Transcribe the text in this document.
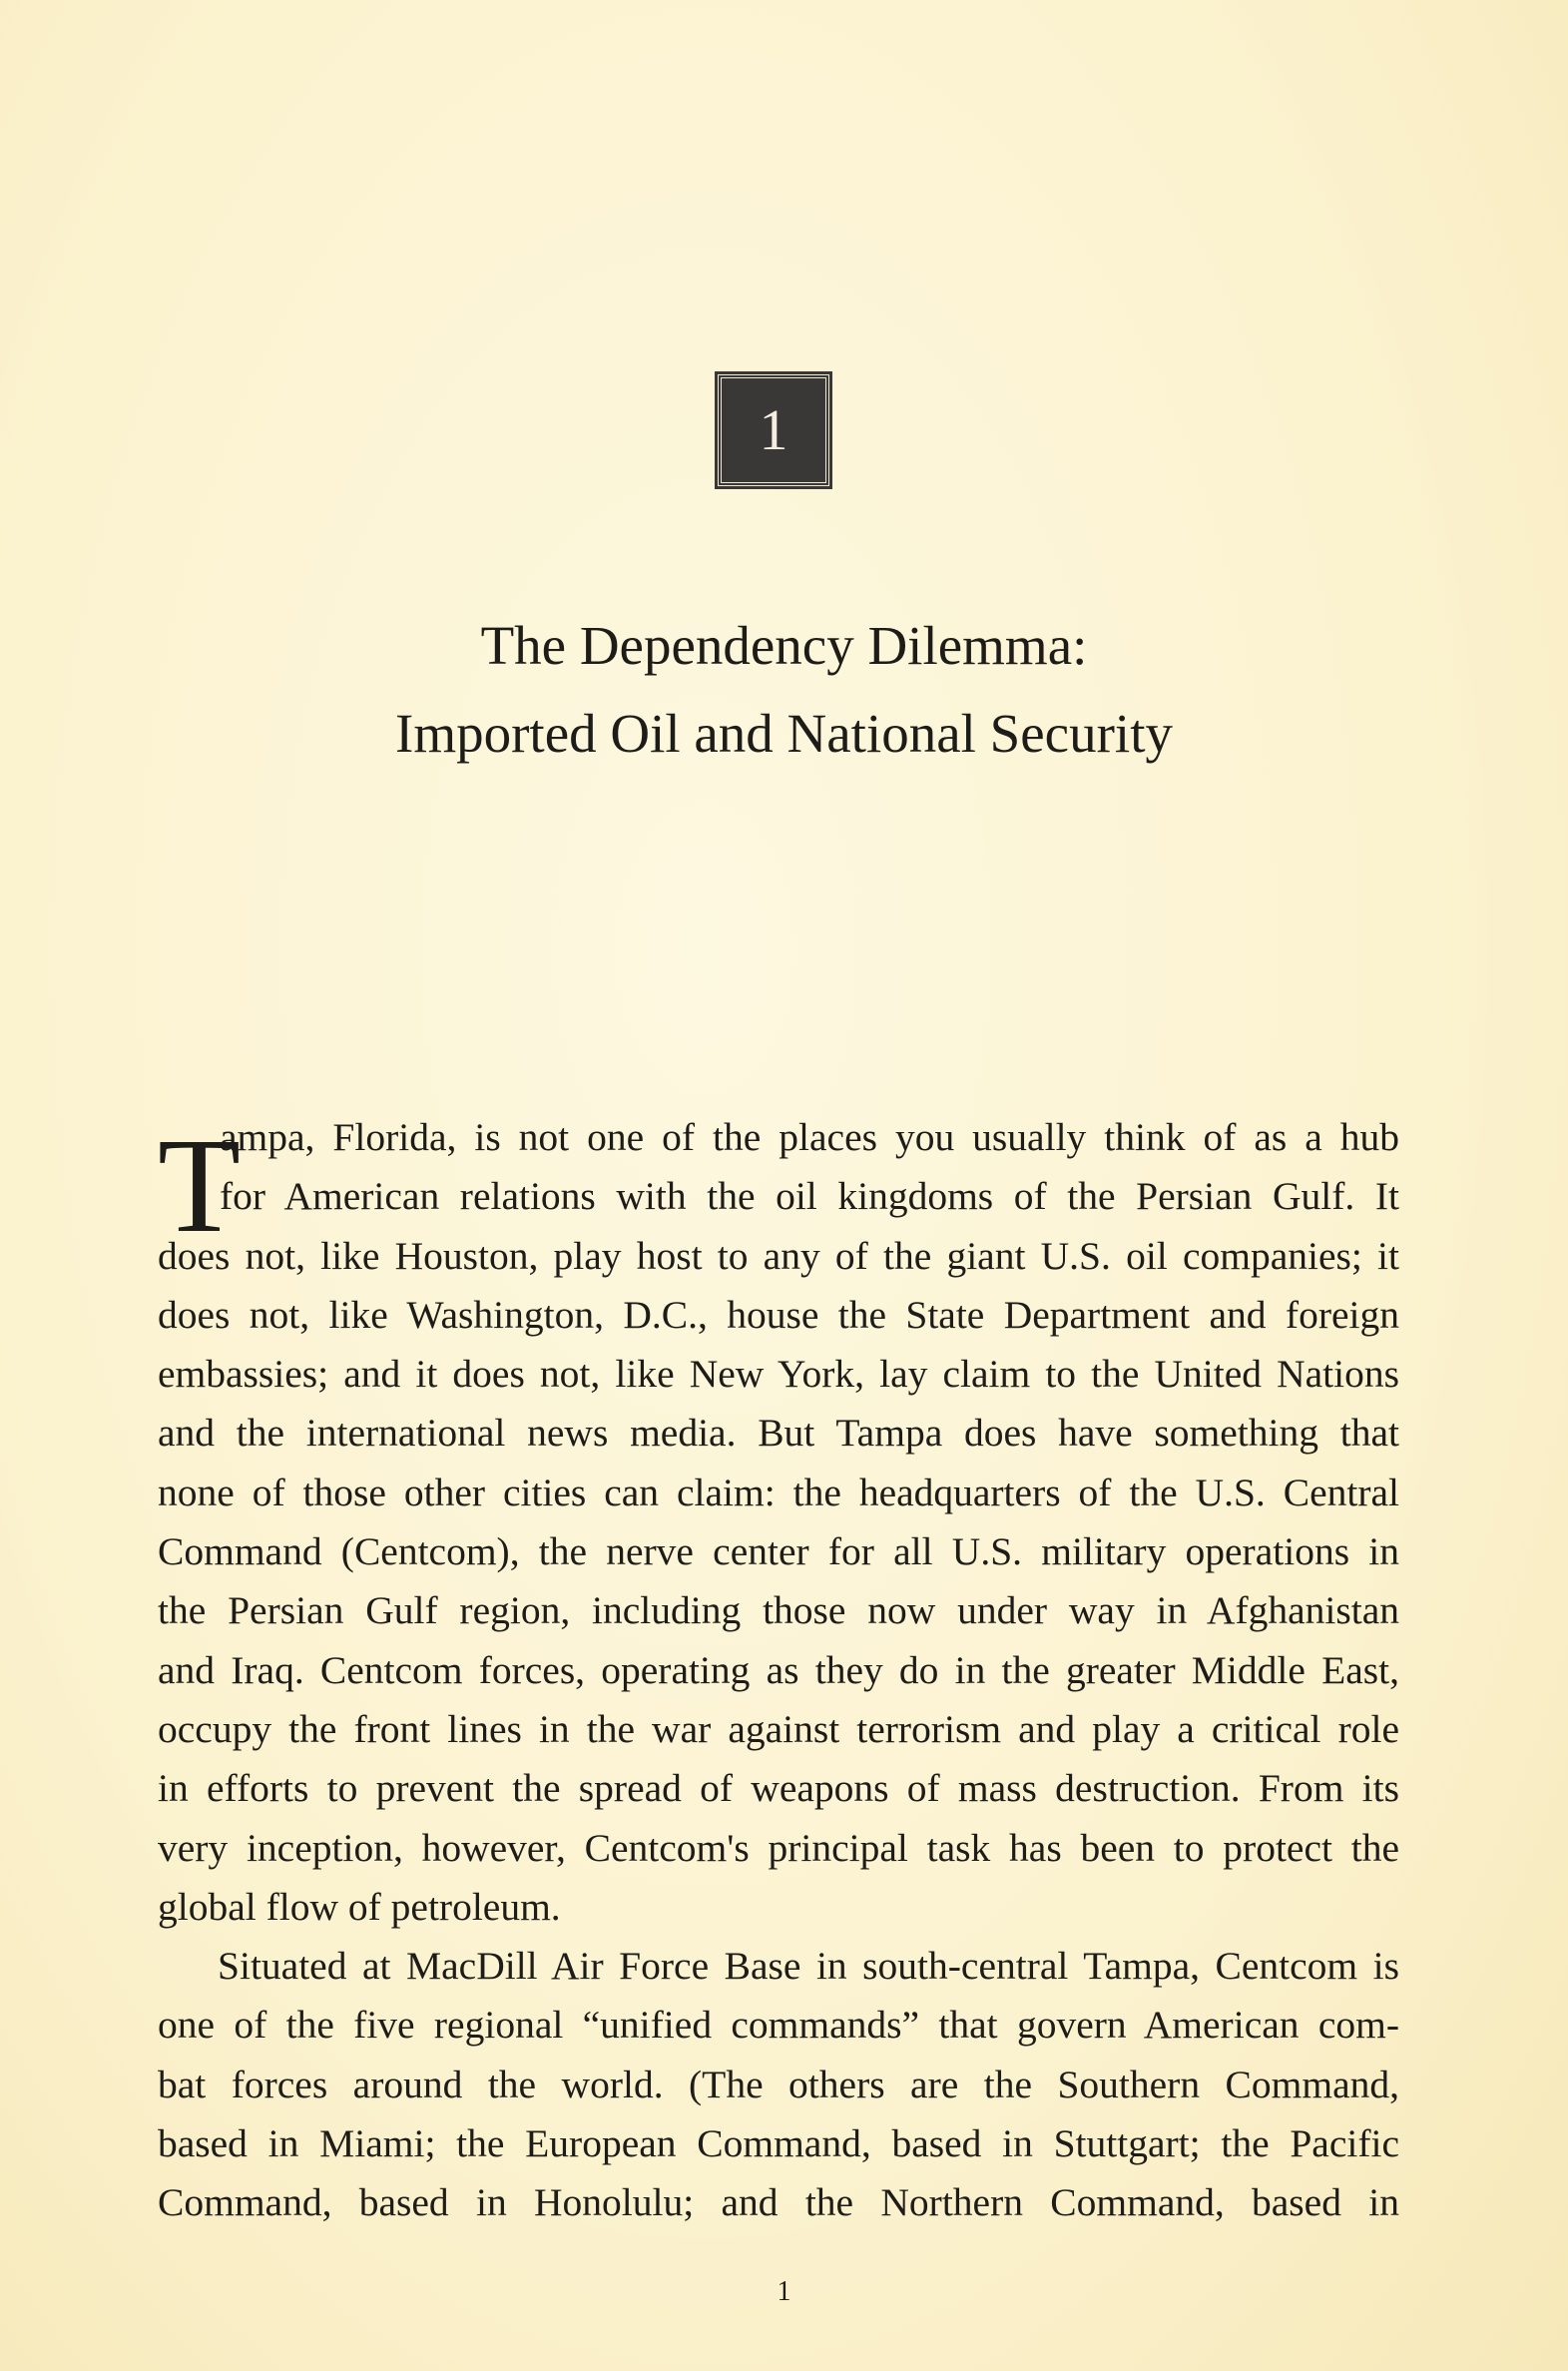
1
The Dependency Dilemma:
Imported Oil and National Security
T
ampa, Florida, is not one of the places you usually think of as a hub
for American relations with the oil kingdoms of the Persian Gulf. It
does not, like Houston, play host to any of the giant U.S. oil companies; it
does not, like Washington, D.C., house the State Department and foreign
embassies; and it does not, like New York, lay claim to the United Nations
and the international news media. But Tampa does have something that
none of those other cities can claim: the headquarters of the U.S. Central
Command (Centcom), the nerve center for all U.S. military operations in
the Persian Gulf region, including those now under way in Afghanistan
and Iraq. Centcom forces, operating as they do in the greater Middle East,
occupy the front lines in the war against terrorism and play a critical role
in efforts to prevent the spread of weapons of mass destruction. From its
very inception, however, Centcom's principal task has been to protect the
global flow of petroleum.
Situated at MacDill Air Force Base in south-central Tampa, Centcom is
one of the five regional “unified commands” that govern American com-
bat forces around the world. (The others are the Southern Command,
based in Miami; the European Command, based in Stuttgart; the Pacific
Command, based in Honolulu; and the Northern Command, based in
1
